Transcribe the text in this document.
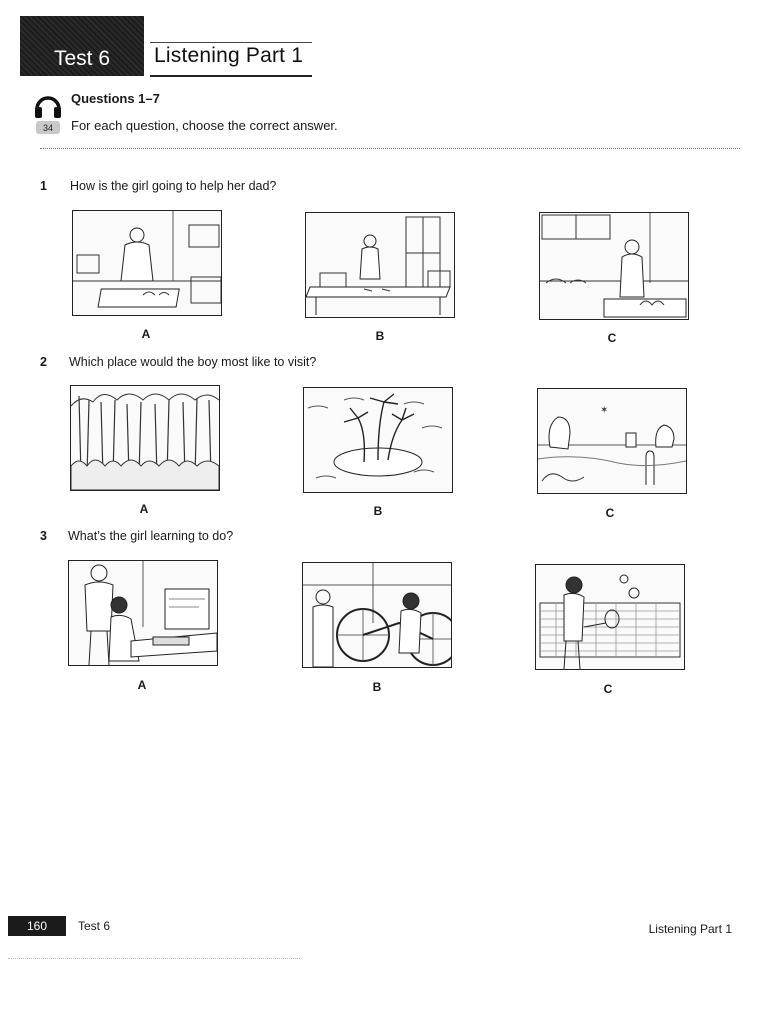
Test 6	Listening Part 1
34
Questions 1–7
For each question, choose the correct answer.
1 How is the girl going to help her dad?
A	B	C
2 Which place would the boy most like to visit?
✶
A	B	C
3 What’s the girl learning to do?
A	B	C
160	Test 6	Listening Part 1
